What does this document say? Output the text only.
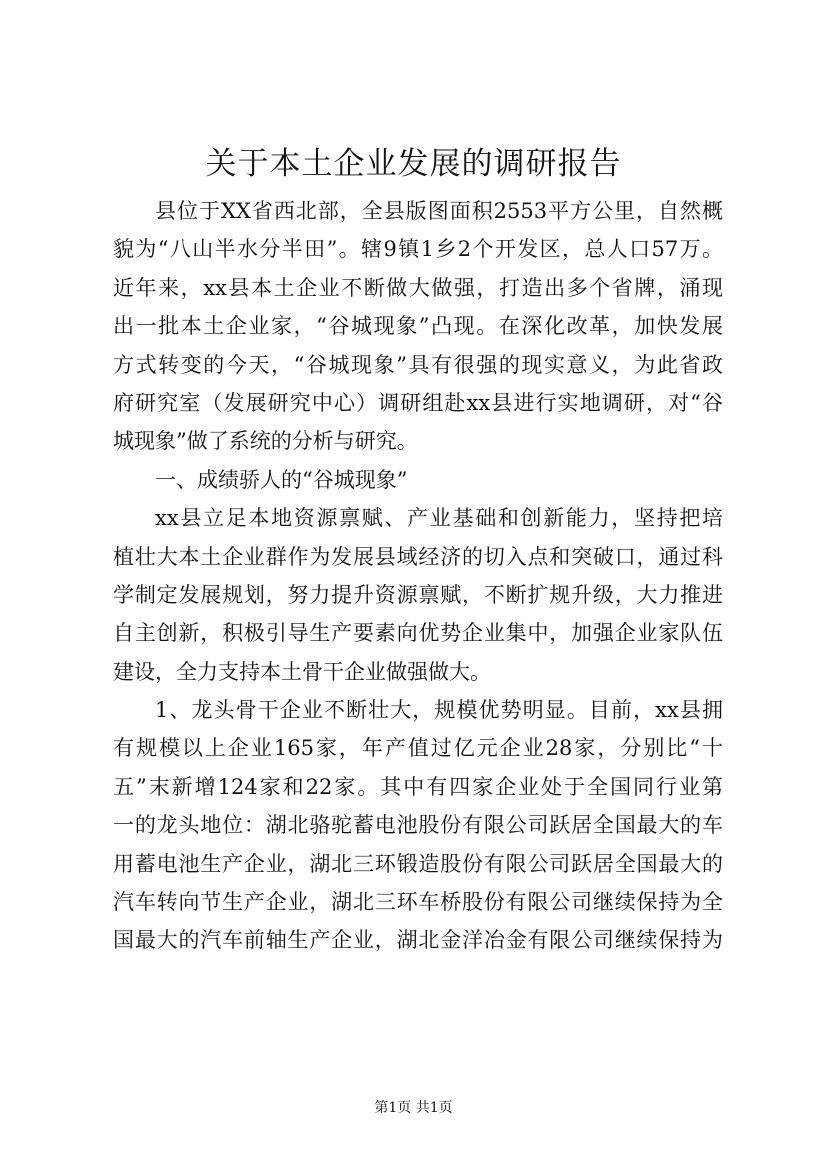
关于本土企业发展的调研报告
县位于XX省西北部，全县版图面积2553平方公里，自然概
貌为“八山半水分半田”。辖9镇1乡2个开发区，总人口57万。
近年来，xx县本土企业不断做大做强，打造出多个省牌，涌现
出一批本土企业家，“谷城现象”凸现。在深化改革，加快发展
方式转变的今天，“谷城现象”具有很强的现实意义，为此省政
府研究室（发展研究中心）调研组赴xx县进行实地调研，对“谷
城现象”做了系统的分析与研究。
一、成绩骄人的“谷城现象”
xx县立足本地资源禀赋、产业基础和创新能力，坚持把培
植壮大本土企业群作为发展县域经济的切入点和突破口，通过科
学制定发展规划，努力提升资源禀赋，不断扩规升级，大力推进
自主创新，积极引导生产要素向优势企业集中，加强企业家队伍
建设，全力支持本土骨干企业做强做大。
1、龙头骨干企业不断壮大，规模优势明显。目前，xx县拥
有规模以上企业165家，年产值过亿元企业28家，分别比“十
五”末新增124家和22家。其中有四家企业处于全国同行业第
一的龙头地位：湖北骆驼蓄电池股份有限公司跃居全国最大的车
用蓄电池生产企业，湖北三环锻造股份有限公司跃居全国最大的
汽车转向节生产企业，湖北三环车桥股份有限公司继续保持为全
国最大的汽车前轴生产企业，湖北金洋冶金有限公司继续保持为
第1页 共1页
